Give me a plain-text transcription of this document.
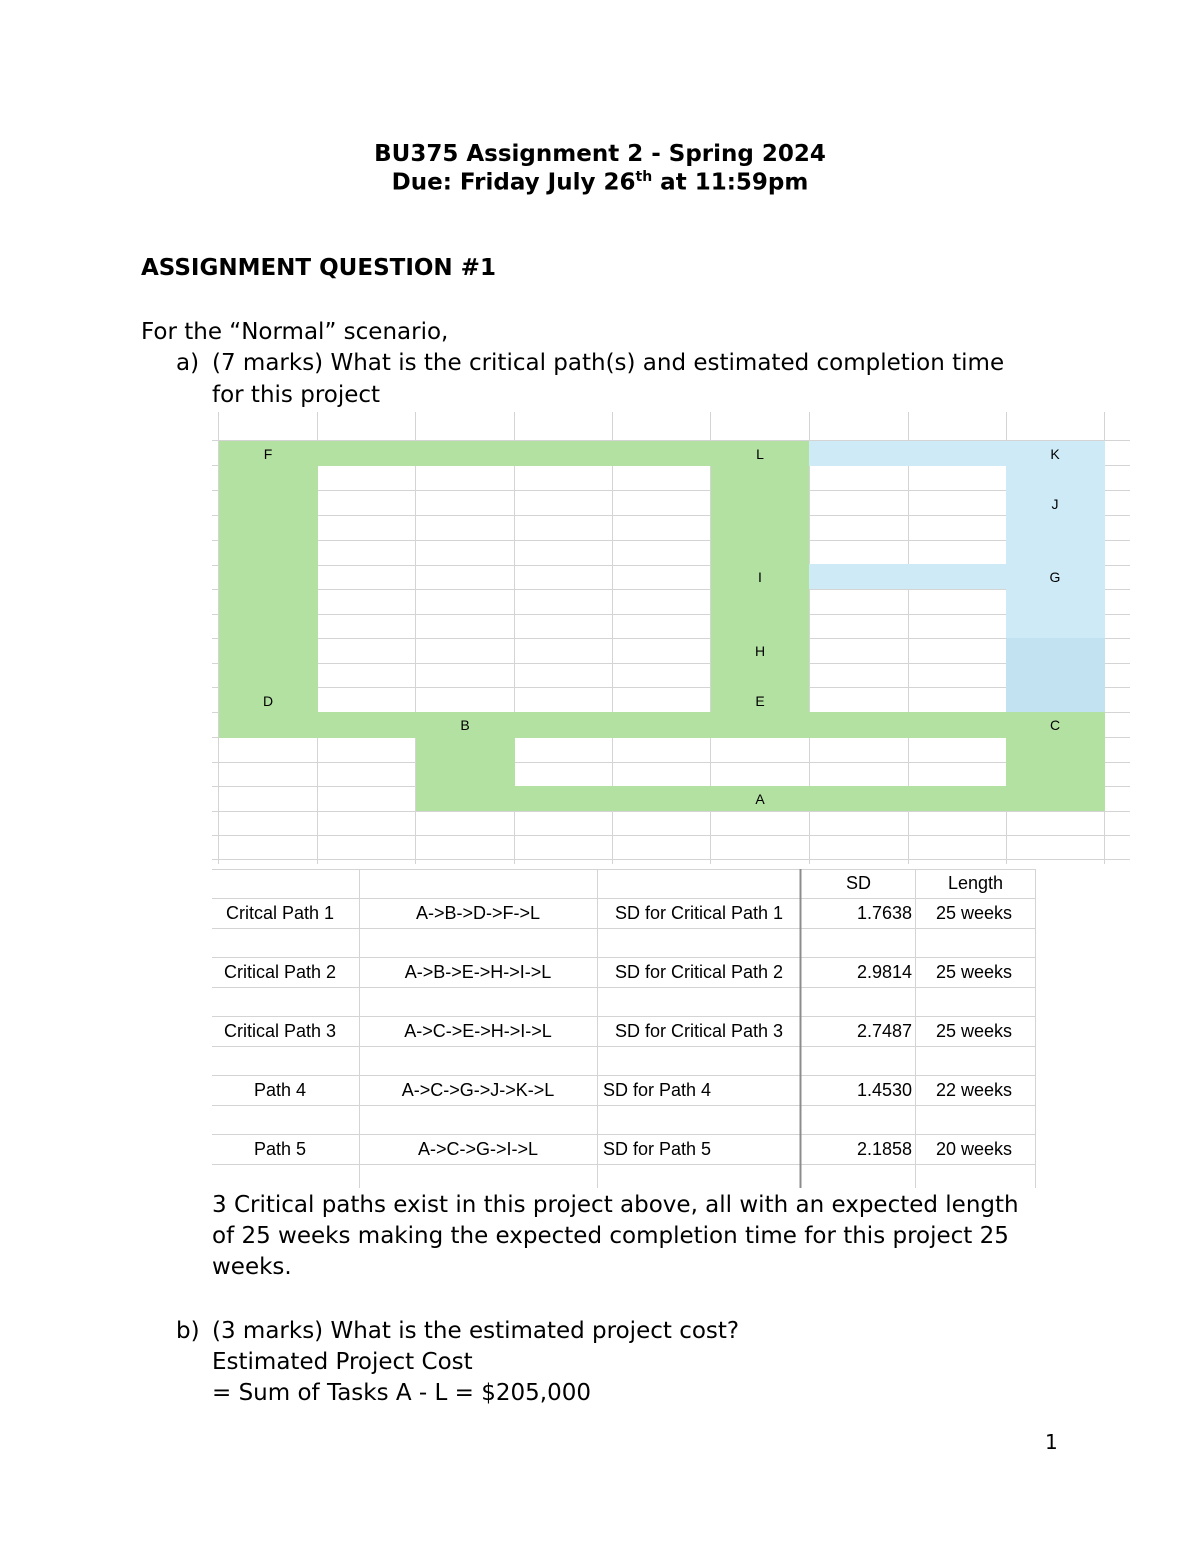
BU375 Assignment 2 - Spring 2024
Due: Friday July 26th at 11:59pm
ASSIGNMENT QUESTION #1
For the “Normal” scenario,
a) (7 marks) What is the critical path(s) and estimated completion time
for this project
F	L	K
J
I	G
H
D	E
B	C
A
SD	Length
Critcal Path 1	A->B->D->F->L	SD for Critical Path 1	1.7638 25 weeks
Critical Path 2	A->B->E->H->I->L	SD for Critical Path 2	2.9814 25 weeks
Critical Path 3	A->C->E->H->I->L	SD for Critical Path 3	2.7487 25 weeks
Path 4	A->C->G->J->K->L	SD for Path 4	1.4530 22 weeks
Path 5	A->C->G->I->L	SD for Path 5	2.1858 20 weeks
3 Critical paths exist in this project above, all with an expected length
of 25 weeks making the expected completion time for this project 25
weeks.
b) (3 marks) What is the estimated project cost?
Estimated Project Cost
= Sum of Tasks A - L = $205,000
1
